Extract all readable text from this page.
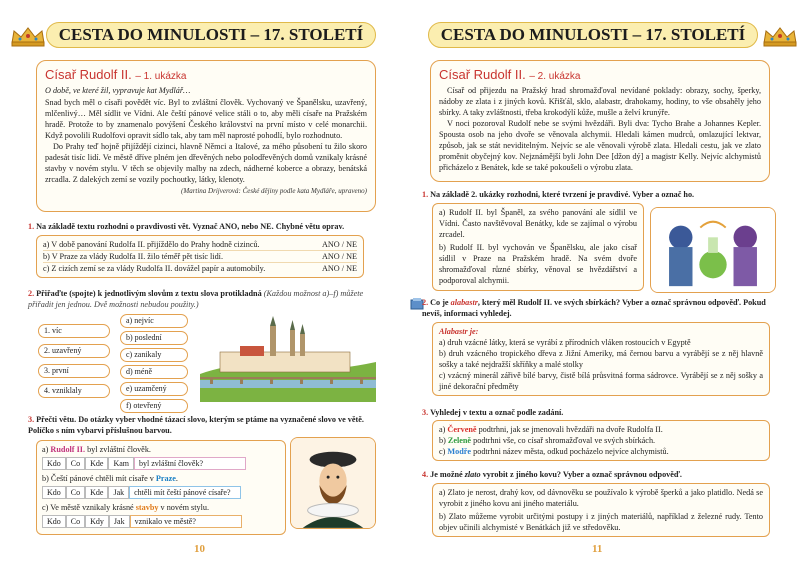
CESTA DO MINULOSTI – 17. STOLETÍ
Císař Rudolf II. – 1. ukázka

O době, ve které žil, vypravuje kat Mydlář…

Snad bych měl o císaři povědět víc. Byl to zvláštní člověk. Vychovaný ve Španělsku, uzavřený, mlčenlivý… Měl sídlit ve Vídni. Ale čeští pánové velice stáli o to, aby měli císaře na Pražském hradě. Protože to by znamenalo povýšení Českého království na první místo v celé monarchii. Když povolili Rudolfovi opravit sídlo tak, aby tam měl naprosté pohodlí, bylo rozhodnuto.

Do Prahy teď hojně přijíždějí cizinci, hlavně Němci a Italové, za mého působení tu žilo skoro padesát tisíc lidí. Ve městě dříve plném jen dřevěných nebo polodřevěných domů vznikaly krásné stavby v novém stylu. V těch se objevily malby na zdech, nádherné koberce a obrazy, benátská zrcadla. Z dalekých zemí se vozily pochoutky, látky, klenoty.

(Martina Drijverová: České dějiny podle kata Mydláře, upraveno)
1. Na základě textu rozhodni o pravdivosti vět. Vyznač ANO, nebo NE. Chybné větu oprav.
a) V době panování Rudolfa II. přijíždělo do Prahy hodně cizinců.	ANO / NE
b) V Praze za vlády Rudolfa II. žilo téměř pět tisíc lidí.	ANO / NE
c) Z cizích zemí se za vlády Rudolfa II. dovážel papír a automobily.	ANO / NE
2. Přiřaďte (spojte) k jednotlivým slovům z textu slova protikladná (Každou možnost a)–f) můžete přiřadit jen jednou. Dvě možnosti nebudou použity.)
1. víc
2. uzavřený
3. první
4. vzniklaly
a) nejvíc
b) poslední
c) zanikaly
d) méně
e) uzamčený
f) otevřený
3. Přečti větu. Do otázky vyber vhodné tázací slovo, kterým se ptáme na vyznačené slovo ve větě. Políčko s ním vybarvi příslušnou barvou.
a) Rudolf II. byl zvláštní člověk.
Kdo	Co	Kde	Kam	byl zvláštní člověk?
b) Čeští pánové chtěli mít císaře v Praze.
Kdo	Co	Kde	Jak	chtěli mít čeští pánové císaře?
c) Ve městě vznikaly krásné stavby v novém stylu.
Kdo	Co	Kdy	Jak	vznikalo ve městě?
10
CESTA DO MINULOSTI – 17. STOLETÍ
Císař Rudolf II. – 2. ukázka

Císař od přijezdu na Pražský hrad shromažďoval nevídané poklady: obrazy, sochy, šperky, nádoby ze zlata i z jiných kovů. Křišťál, sklo, alabastr, drahokamy, hodiny, to vše obsahěly jeho sbírky. A taky zvláštnosti, třeba krokodýlí kůže, mušle a želví krunýře.

V noci pozoroval Rudolf nebe se svými hvězdáři. Byli dva: Tycho Brahe a Johannes Kepler. Spousta osob na jeho dvoře se věnovala alchymii. Hledali kámen mudrců, omlazující lektvar, způsob, jak se stát neviditelným. Nejvíc se ale věnovali výrobě zlata. Hledali cestu, jak ve zlato proměnit obyčejný kov. Nejznámější byli John Dee [džon dý] a magistr Kelly. Nejvíc alchymistů přicházelo z Benátek, kde se také pokoušeli o výrobu zlata.

1. Na základě 2. ukázky rozhodni, které tvrzení je pravdivé. Vyber a označ ho.

a) Rudolf II. byl Španěl, za svého panování ale sídlil ve Vídni. Často navštěvoval Benátky, kde se zajímal o výrobu zrcadel.

b) Rudolf II. byl vychován ve Španělsku, ale jako císař sídlil v Praze na Pražském hradě. Na svém dvoře shromažďoval různé sbírky, věnoval se hvězdářství a podporoval alchymii.

2. Co je alabastr, který měl Rudolf II. ve svých sbírkách? Vyber a označ správnou odpověď. Pokud nevíš, informaci vyhledej.

Alabastr je:

a) druh vzácné látky, která se vyrábí z přírodních vláken rostoucích v Egyptě

b) druh vzácného tropického dřeva z Jižní Ameriky, má černou barvu a vyrábějí se z něj hlavně sošky a také nejdražší skříňky a malé stolky

c) vzácný minerál zářivě bílé barvy, čistě bílá průsvitná forma sádrovce. Vyrábějí se z něj sošky a jiné dekorační předměty

3. Vyhledej v textu a označ podle zadání.

a) Červeně podtrhni, jak se jmenovali hvězdáři na dvoře Rudolfa II.

b) Zeleně podtrhni vše, co císař shromažďoval ve svých sbírkách.

c) Modře podtrhni název města, odkud pocházelo nejvíce alchymistů.

4. Je možné zlato vyrobit z jiného kovu? Vyber a označ správnou odpověď.

a) Zlato je nerost, drahý kov, od dávnověku se používalo k výrobě šperků a jako platidlo. Nedá se vyrobit z jiného kovu ani jiného materiálu.

b) Zlato můžeme vyrobit určitými postupy i z jiných materiálů, například z železné rudy. Tento objev učinili alchymisté v Benátkách již ve středověku.

11
